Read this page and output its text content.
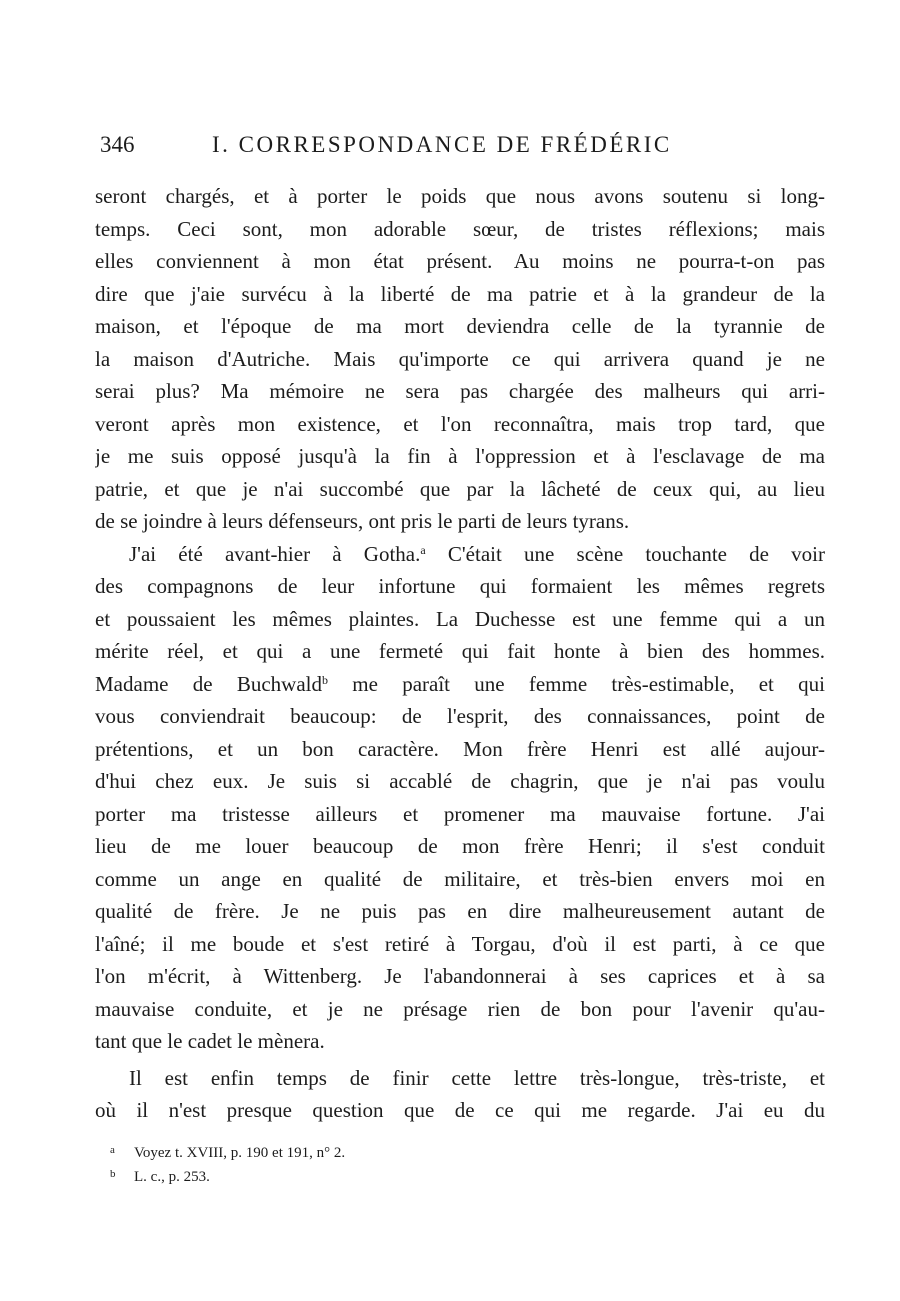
346	I. CORRESPONDANCE DE FRÉDÉRIC
seront chargés, et à porter le poids que nous avons soutenu si long-
temps. Ceci sont, mon adorable sœur, de tristes réflexions; mais
elles conviennent à mon état présent. Au moins ne pourra-t-on pas
dire que j'aie survécu à la liberté de ma patrie et à la grandeur de la
maison, et l'époque de ma mort deviendra celle de la tyrannie de
la maison d'Autriche. Mais qu'importe ce qui arrivera quand je ne
serai plus? Ma mémoire ne sera pas chargée des malheurs qui arri-
veront après mon existence, et l'on reconnaîtra, mais trop tard, que
je me suis opposé jusqu'à la fin à l'oppression et à l'esclavage de ma
patrie, et que je n'ai succombé que par la lâcheté de ceux qui, au lieu
de se joindre à leurs défenseurs, ont pris le parti de leurs tyrans.
J'ai été avant-hier à Gotha.$^a$ C'était une scène touchante de voir
des compagnons de leur infortune qui formaient les mêmes regrets
et poussaient les mêmes plaintes. La Duchesse est une femme qui a un
mérite réel, et qui a une fermeté qui fait honte à bien des hommes.
Madame de Buchwald$^b$ me paraît une femme très-estimable, et qui
vous conviendrait beaucoup: de l'esprit, des connaissances, point de
prétentions, et un bon caractère. Mon frère Henri est allé aujour-
d'hui chez eux. Je suis si accablé de chagrin, que je n'ai pas voulu
porter ma tristesse ailleurs et promener ma mauvaise fortune. J'ai
lieu de me louer beaucoup de mon frère Henri; il s'est conduit
comme un ange en qualité de militaire, et très-bien envers moi en
qualité de frère. Je ne puis pas en dire malheureusement autant de
l'aîné; il me boude et s'est retiré à Torgau, d'où il est parti, à ce que
l'on m'écrit, à Wittenberg. Je l'abandonnerai à ses caprices et à sa
mauvaise conduite, et je ne présage rien de bon pour l'avenir qu'au-
tant que le cadet le mènera.
Il est enfin temps de finir cette lettre très-longue, très-triste, et
où il n'est presque question que de ce qui me regarde. J'ai eu du
a Voyez t. XVIII, p. 190 et 191, n° 2.
b L. c., p. 253.
